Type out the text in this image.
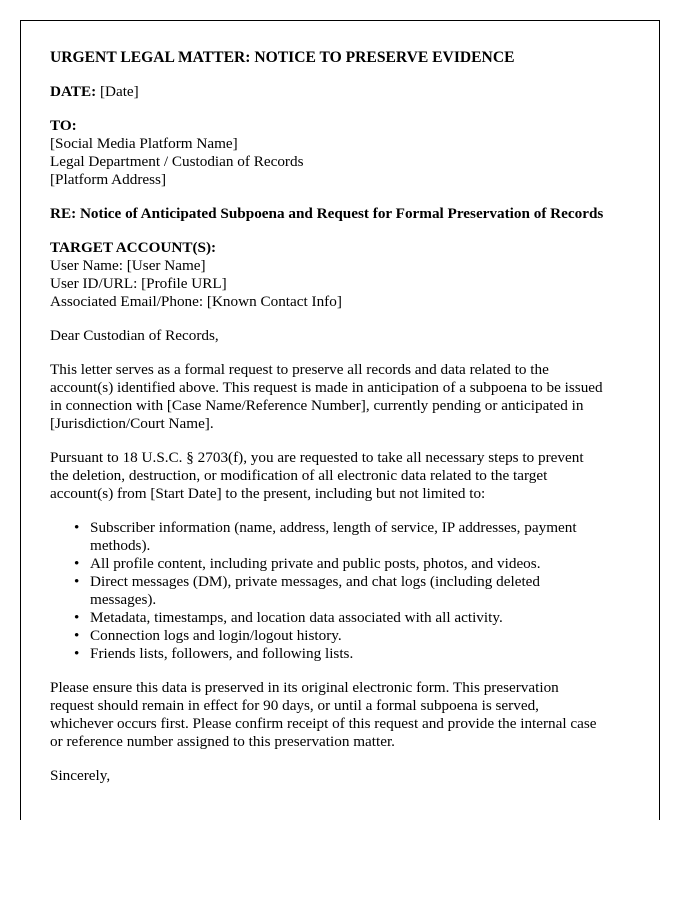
URGENT LEGAL MATTER: NOTICE TO PRESERVE EVIDENCE
DATE: [Date]
TO:
[Social Media Platform Name]
Legal Department / Custodian of Records
[Platform Address]
RE: Notice of Anticipated Subpoena and Request for Formal Preservation of Records
TARGET ACCOUNT(S):
User Name: [User Name]
User ID/URL: [Profile URL]
Associated Email/Phone: [Known Contact Info]
Dear Custodian of Records,
This letter serves as a formal request to preserve all records and data related to the
account(s) identified above. This request is made in anticipation of a subpoena to be issued
in connection with [Case Name/Reference Number], currently pending or anticipated in
[Jurisdiction/Court Name].
Pursuant to 18 U.S.C. § 2703(f), you are requested to take all necessary steps to prevent
the deletion, destruction, or modification of all electronic data related to the target
account(s) from [Start Date] to the present, including but not limited to:
• Subscriber information (name, address, length of service, IP addresses, payment
methods).
• All profile content, including private and public posts, photos, and videos.
• Direct messages (DM), private messages, and chat logs (including deleted
messages).
• Metadata, timestamps, and location data associated with all activity.
• Connection logs and login/logout history.
• Friends lists, followers, and following lists.
Please ensure this data is preserved in its original electronic form. This preservation
request should remain in effect for 90 days, or until a formal subpoena is served,
whichever occurs first. Please confirm receipt of this request and provide the internal case
or reference number assigned to this preservation matter.
Sincerely,
